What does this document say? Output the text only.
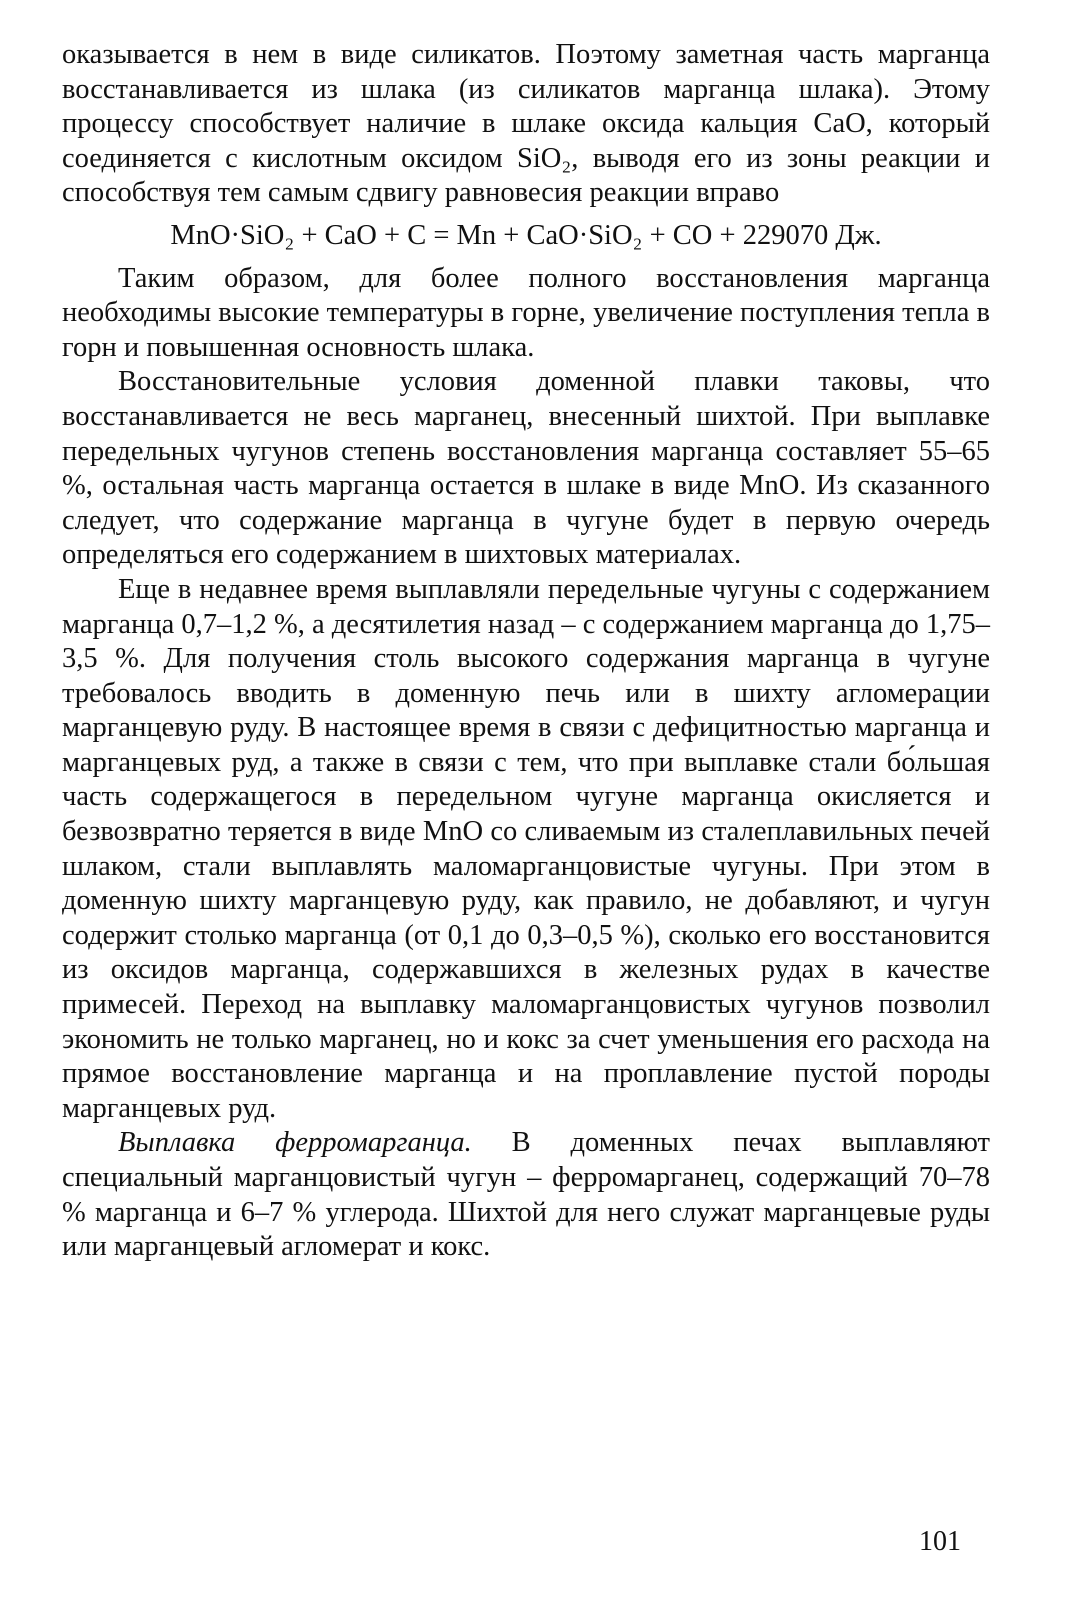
оказывается в нем в виде силикатов. Поэтому заметная часть марганца восстанавливается из шлака (из силикатов марганца шлака). Этому процессу способствует наличие в шлаке оксида кальция CaO, который соединяется с кислотным оксидом SiO₂, выводя его из зоны реакции и способствуя тем самым сдвигу равновесия реакции вправо

MnO·SiO₂ + CaO + C = Mn + CaO·SiO₂ + CO + 229070 Дж.

Таким образом, для более полного восстановления марганца необходимы высокие температуры в горне, увеличение поступления тепла в горн и повышенная основность шлака.

Восстановительные условия доменной плавки таковы, что восстанавливается не весь марганец, внесенный шихтой. При выплавке передельных чугунов степень восстановления марганца составляет 55–65 %, остальная часть марганца остается в шлаке в виде MnO. Из сказанного следует, что содержание марганца в чугуне будет в первую очередь определяться его содержанием в шихтовых материалах.

Еще в недавнее время выплавляли передельные чугуны с содержанием марганца 0,7–1,2 %, а десятилетия назад – с содержанием марганца до 1,75–3,5 %. Для получения столь высокого содержания марганца в чугуне требовалось вводить в доменную печь или в шихту агломерации марганцевую руду. В настоящее время в связи с дефицитностью марганца и марганцевых руд, а также в связи с тем, что при выплавке стали бо́льшая часть содержащегося в передельном чугуне марганца окисляется и безвозвратно теряется в виде MnO со сливаемым из сталеплавильных печей шлаком, стали выплавлять маломарганцовистые чугуны. При этом в доменную шихту марганцевую руду, как правило, не добавляют, и чугун содержит столько марганца (от 0,1 до 0,3–0,5 %), сколько его восстановится из оксидов марганца, содержавшихся в железных рудах в качестве примесей. Переход на выплавку маломарганцовистых чугунов позволил экономить не только марганец, но и кокс за счет уменьшения его расхода на прямое восстановление марганца и на проплавление пустой породы марганцевых руд.

Выплавка ферромарганца. В доменных печах выплавляют специальный марганцовистый чугун – ферромарганец, содержащий 70–78 % марганца и 6–7 % углерода. Шихтой для него служат марганцевые руды или марганцевый агломерат и кокс.

101
